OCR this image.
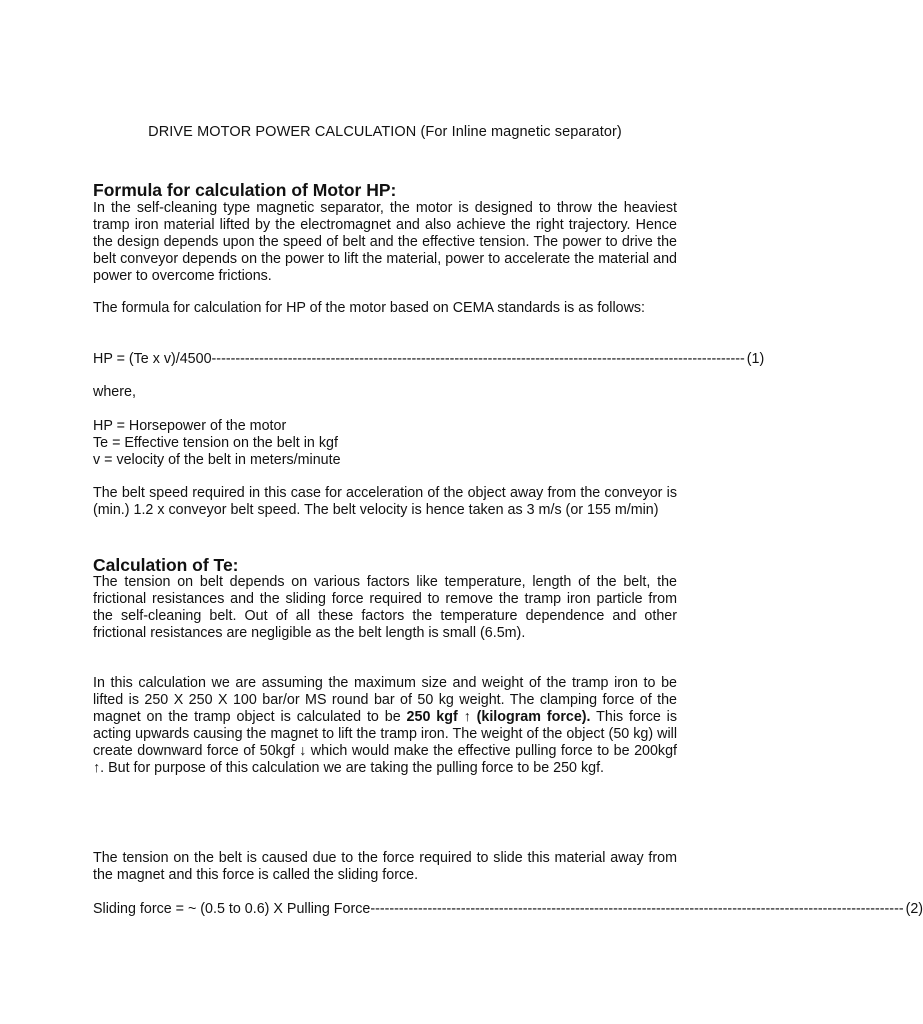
DRIVE MOTOR POWER CALCULATION (For Inline magnetic separator)
Formula for calculation of Motor HP:
In the self-cleaning type magnetic separator, the motor is designed to throw the heaviest tramp iron material lifted by the electromagnet and also achieve the right trajectory. Hence the design depends upon the speed of belt and the effective tension. The power to drive the belt conveyor depends on the power to lift the material, power to accelerate the material and power to overcome frictions.
The formula for calculation for HP of the motor based on CEMA standards is as follows:
HP = (Te x v)/4500 ---------------------------------------------------------------------------------------------------------------- (1)
where,
HP = Horsepower of the motor
Te = Effective tension on the belt in kgf
v = velocity of the belt in meters/minute
The belt speed required in this case for acceleration of the object away from the conveyor is (min.) 1.2 x conveyor belt speed. The belt velocity is hence taken as 3 m/s (or 155 m/min)
Calculation of Te:
The tension on belt depends on various factors like temperature, length of the belt, the frictional resistances and the sliding force required to remove the tramp iron particle from the self-cleaning belt. Out of all these factors the temperature dependence and other frictional resistances are negligible as the belt length is small (6.5m).
In this calculation we are assuming the maximum size and weight of the tramp iron to be lifted is 250 X 250 X 100 bar/or MS round bar of 50 kg weight. The clamping force of the magnet on the tramp object is calculated to be 250 kgf ↑ (kilogram force). This force is acting upwards causing the magnet to lift the tramp iron. The weight of the object (50 kg) will create downward force of 50kgf ↓ which would make the effective pulling force to be 200kgf ↑. But for purpose of this calculation we are taking the pulling force to be 250 kgf.
The tension on the belt is caused due to the force required to slide this material away from the magnet and this force is called the sliding force.
Sliding force = ~ (0.5 to 0.6) X Pulling Force ---------------------------------------------------------------------------------------------------------------- (2)
